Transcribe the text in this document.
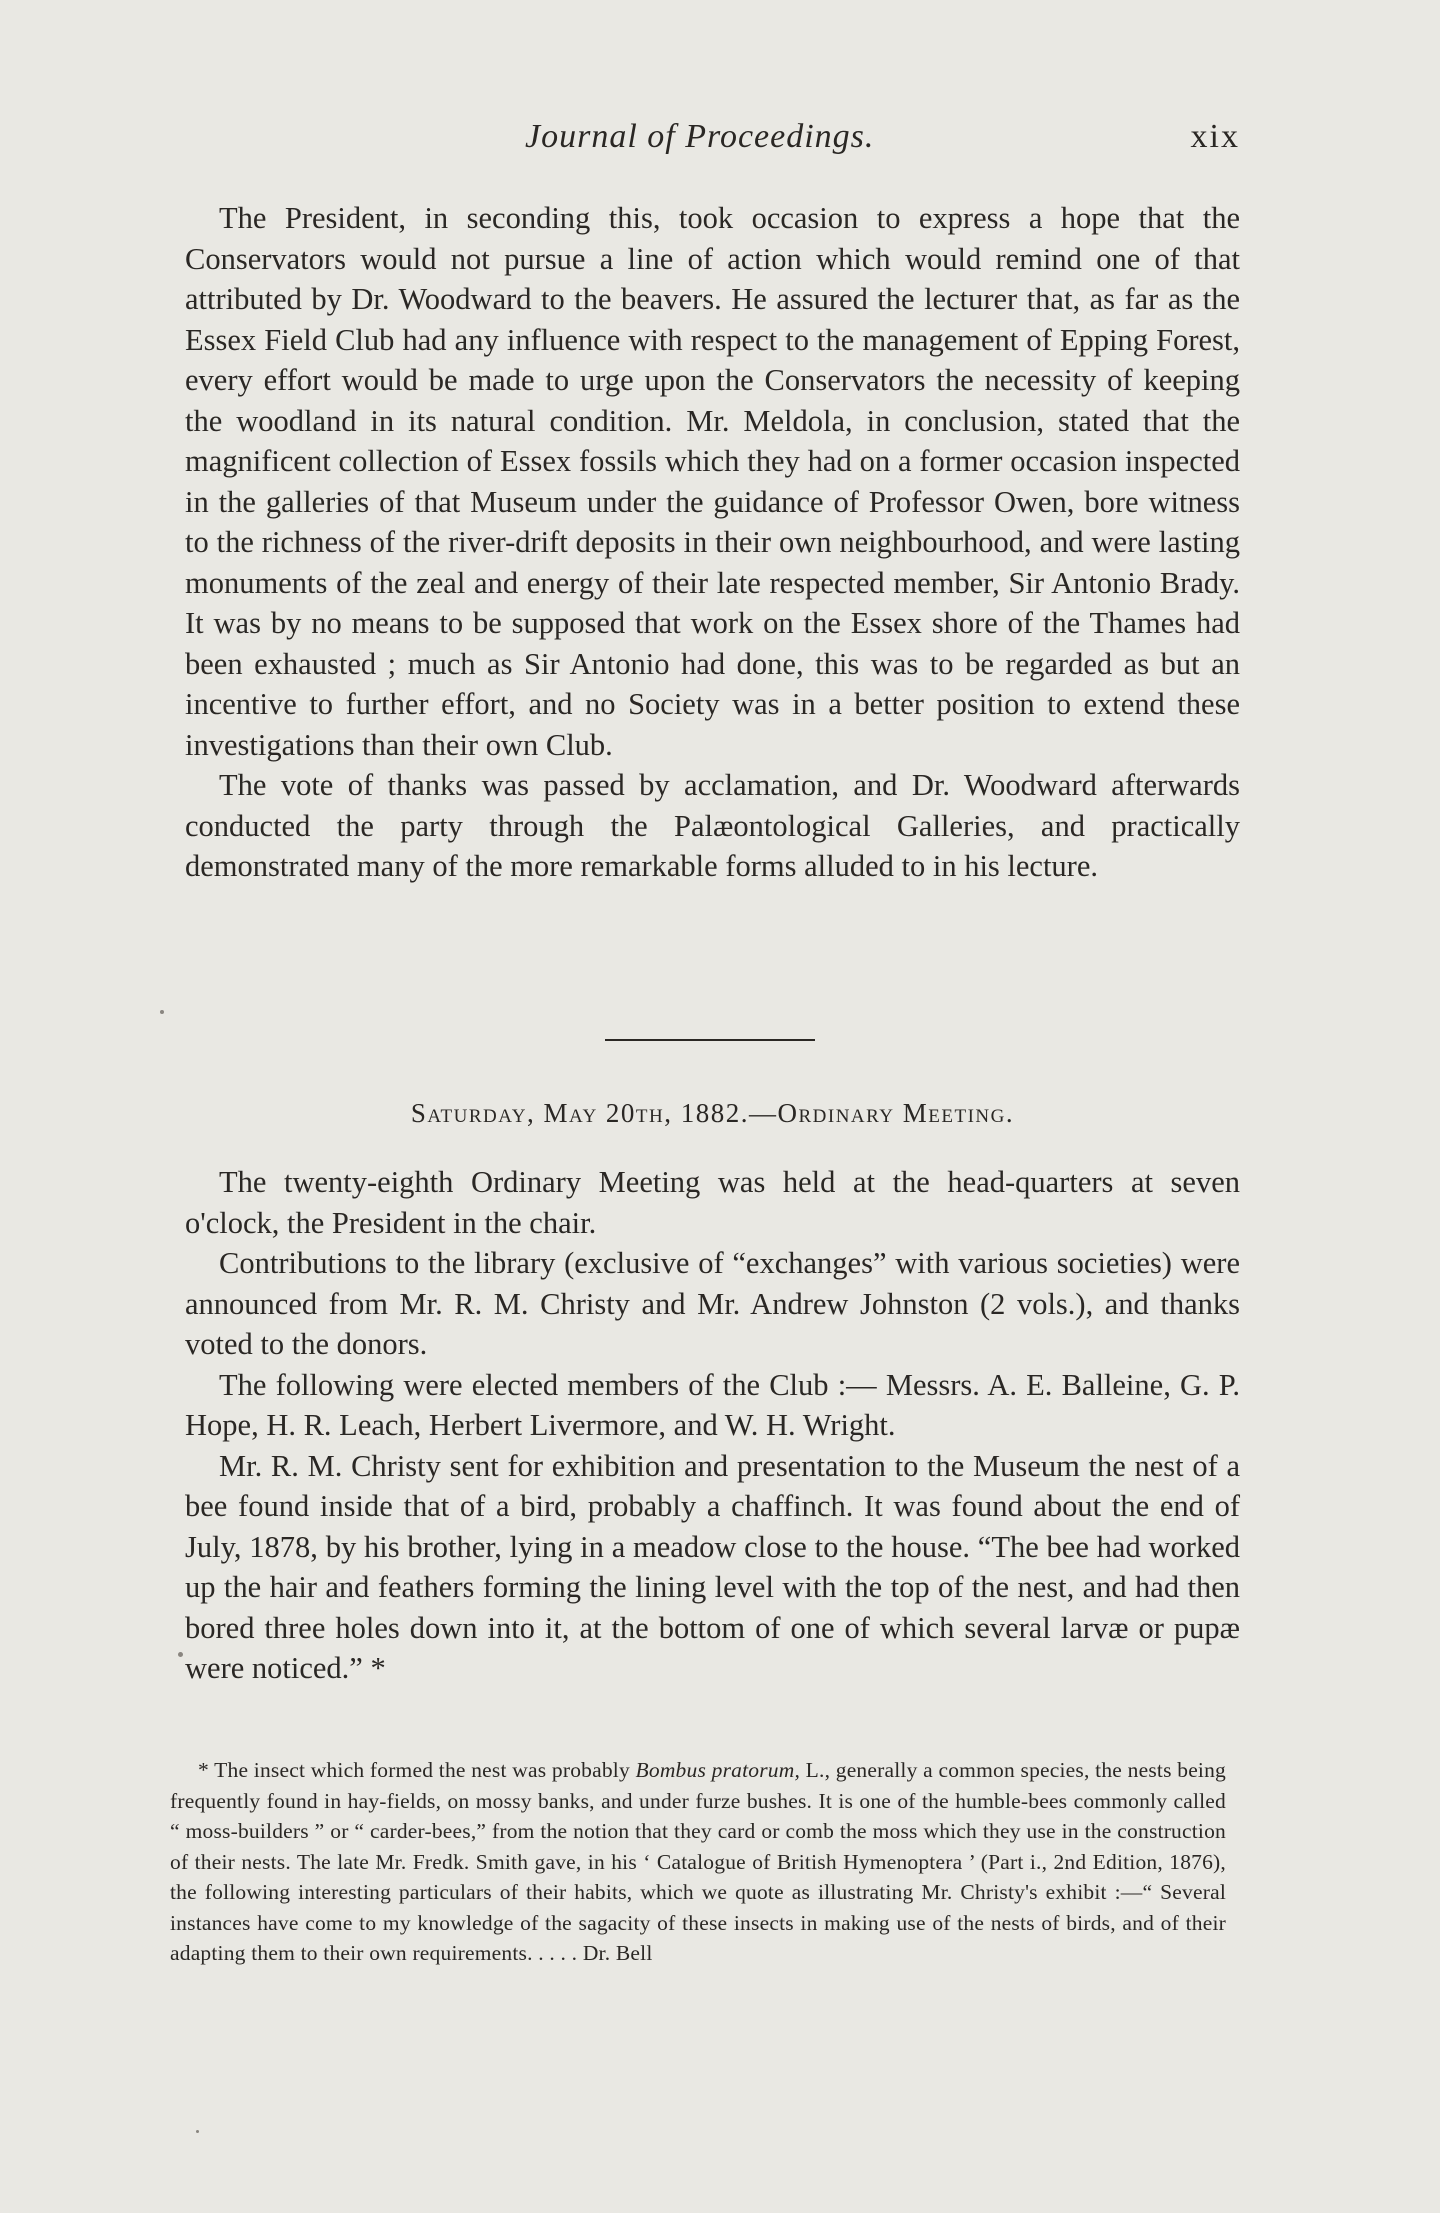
Journal of Proceedings.	xix

The President, in seconding this, took occasion to express a hope that the Conservators would not pursue a line of action which would remind one of that attributed by Dr. Woodward to the beavers. He assured the lecturer that, as far as the Essex Field Club had any influence with respect to the management of Epping Forest, every effort would be made to urge upon the Conservators the necessity of keeping the woodland in its natural condition. Mr. Meldola, in conclusion, stated that the magnificent collection of Essex fossils which they had on a former occasion inspected in the galleries of that Museum under the guidance of Professor Owen, bore witness to the richness of the river-drift deposits in their own neighbourhood, and were lasting monuments of the zeal and energy of their late respected member, Sir Antonio Brady. It was by no means to be supposed that work on the Essex shore of the Thames had been exhausted ; much as Sir Antonio had done, this was to be regarded as but an incentive to further effort, and no Society was in a better position to extend these investigations than their own Club.

The vote of thanks was passed by acclamation, and Dr. Woodward afterwards conducted the party through the Palæontological Galleries, and practically demonstrated many of the more remarkable forms alluded to in his lecture.

Saturday, May 20th, 1882.—Ordinary Meeting.

The twenty-eighth Ordinary Meeting was held at the head-quarters at seven o'clock, the President in the chair.

Contributions to the library (exclusive of “exchanges” with various societies) were announced from Mr. R. M. Christy and Mr. Andrew Johnston (2 vols.), and thanks voted to the donors.

The following were elected members of the Club :— Messrs. A. E. Balleine, G. P. Hope, H. R. Leach, Herbert Livermore, and W. H. Wright.

Mr. R. M. Christy sent for exhibition and presentation to the Museum the nest of a bee found inside that of a bird, probably a chaffinch. It was found about the end of July, 1878, by his brother, lying in a meadow close to the house. “The bee had worked up the hair and feathers forming the lining level with the top of the nest, and had then bored three holes down into it, at the bottom of one of which several larvæ or pupæ were noticed.” *

* The insect which formed the nest was probably Bombus pratorum, L., generally a common species, the nests being frequently found in hay-fields, on mossy banks, and under furze bushes. It is one of the humble-bees commonly called “ moss-builders ” or “ carder-bees,” from the notion that they card or comb the moss which they use in the construction of their nests. The late Mr. Fredk. Smith gave, in his ‘ Catalogue of British Hymenoptera ’ (Part i., 2nd Edition, 1876), the following interesting particulars of their habits, which we quote as illustrating Mr. Christy's exhibit :—“ Several instances have come to my knowledge of the sagacity of these insects in making use of the nests of birds, and of their adapting them to their own requirements. . . . . Dr. Bell
